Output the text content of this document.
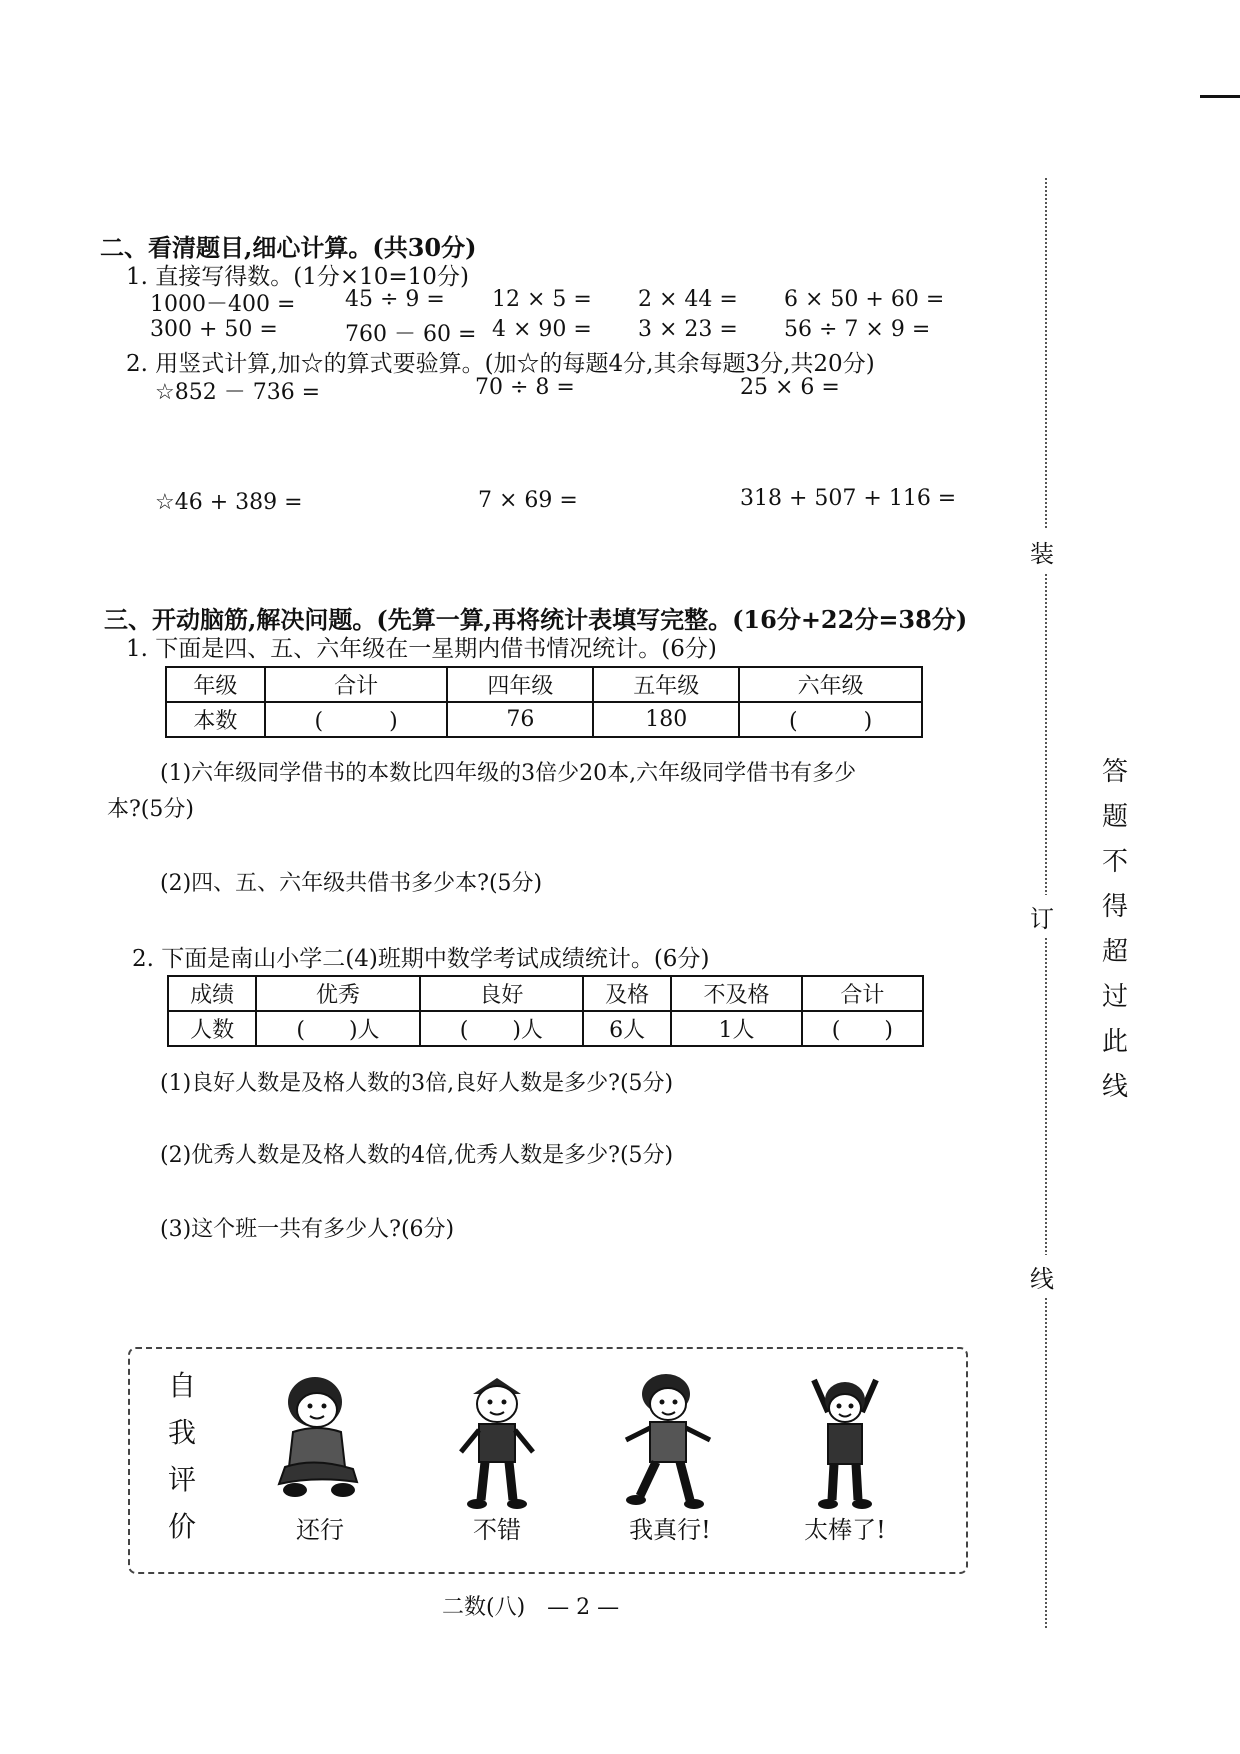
二、看清题目,细心计算。(共30分)
1. 直接写得数。(1分×10=10分)
1000－400 = 45 ÷ 9 = 12 × 5 = 2 × 44 = 6 × 50 + 60 =
300 + 50 =	760 － 60 = 4 × 90 = 3 × 23 = 56 ÷ 7 × 9 =
2. 用竖式计算,加☆的算式要验算。(加☆的每题4分,其余每题3分,共20分)
☆852 － 736 =	70 ÷ 8 =	25 × 6 =
☆46 + 389 =	7 × 69 =	318 + 507 + 116 =
三、开动脑筋,解决问题。(先算一算,再将统计表填写完整。(16分+22分=38分)
1. 下面是四、五、六年级在一星期内借书情况统计。(6分)
年级	合计	四年级	五年级	六年级
本数	(　　　)	76	180	(　　　)
(1)六年级同学借书的本数比四年级的3倍少20本,六年级同学借书有多少
本?(5分)
(2)四、五、六年级共借书多少本?(5分)
2. 下面是南山小学二(4)班期中数学考试成绩统计。(6分)
成绩	优秀	良好	及格	不及格	合计
人数	(　　)人	(　　)人	6人	1人	(　　)
(1)良好人数是及格人数的3倍,良好人数是多少?(5分)
(2)优秀人数是及格人数的4倍,优秀人数是多少?(5分)
(3)这个班一共有多少人?(6分)
装
订
线
答题不得超过此线
自我评价	还行	不错	我真行!	太棒了!
二数(八)　— 2 —
